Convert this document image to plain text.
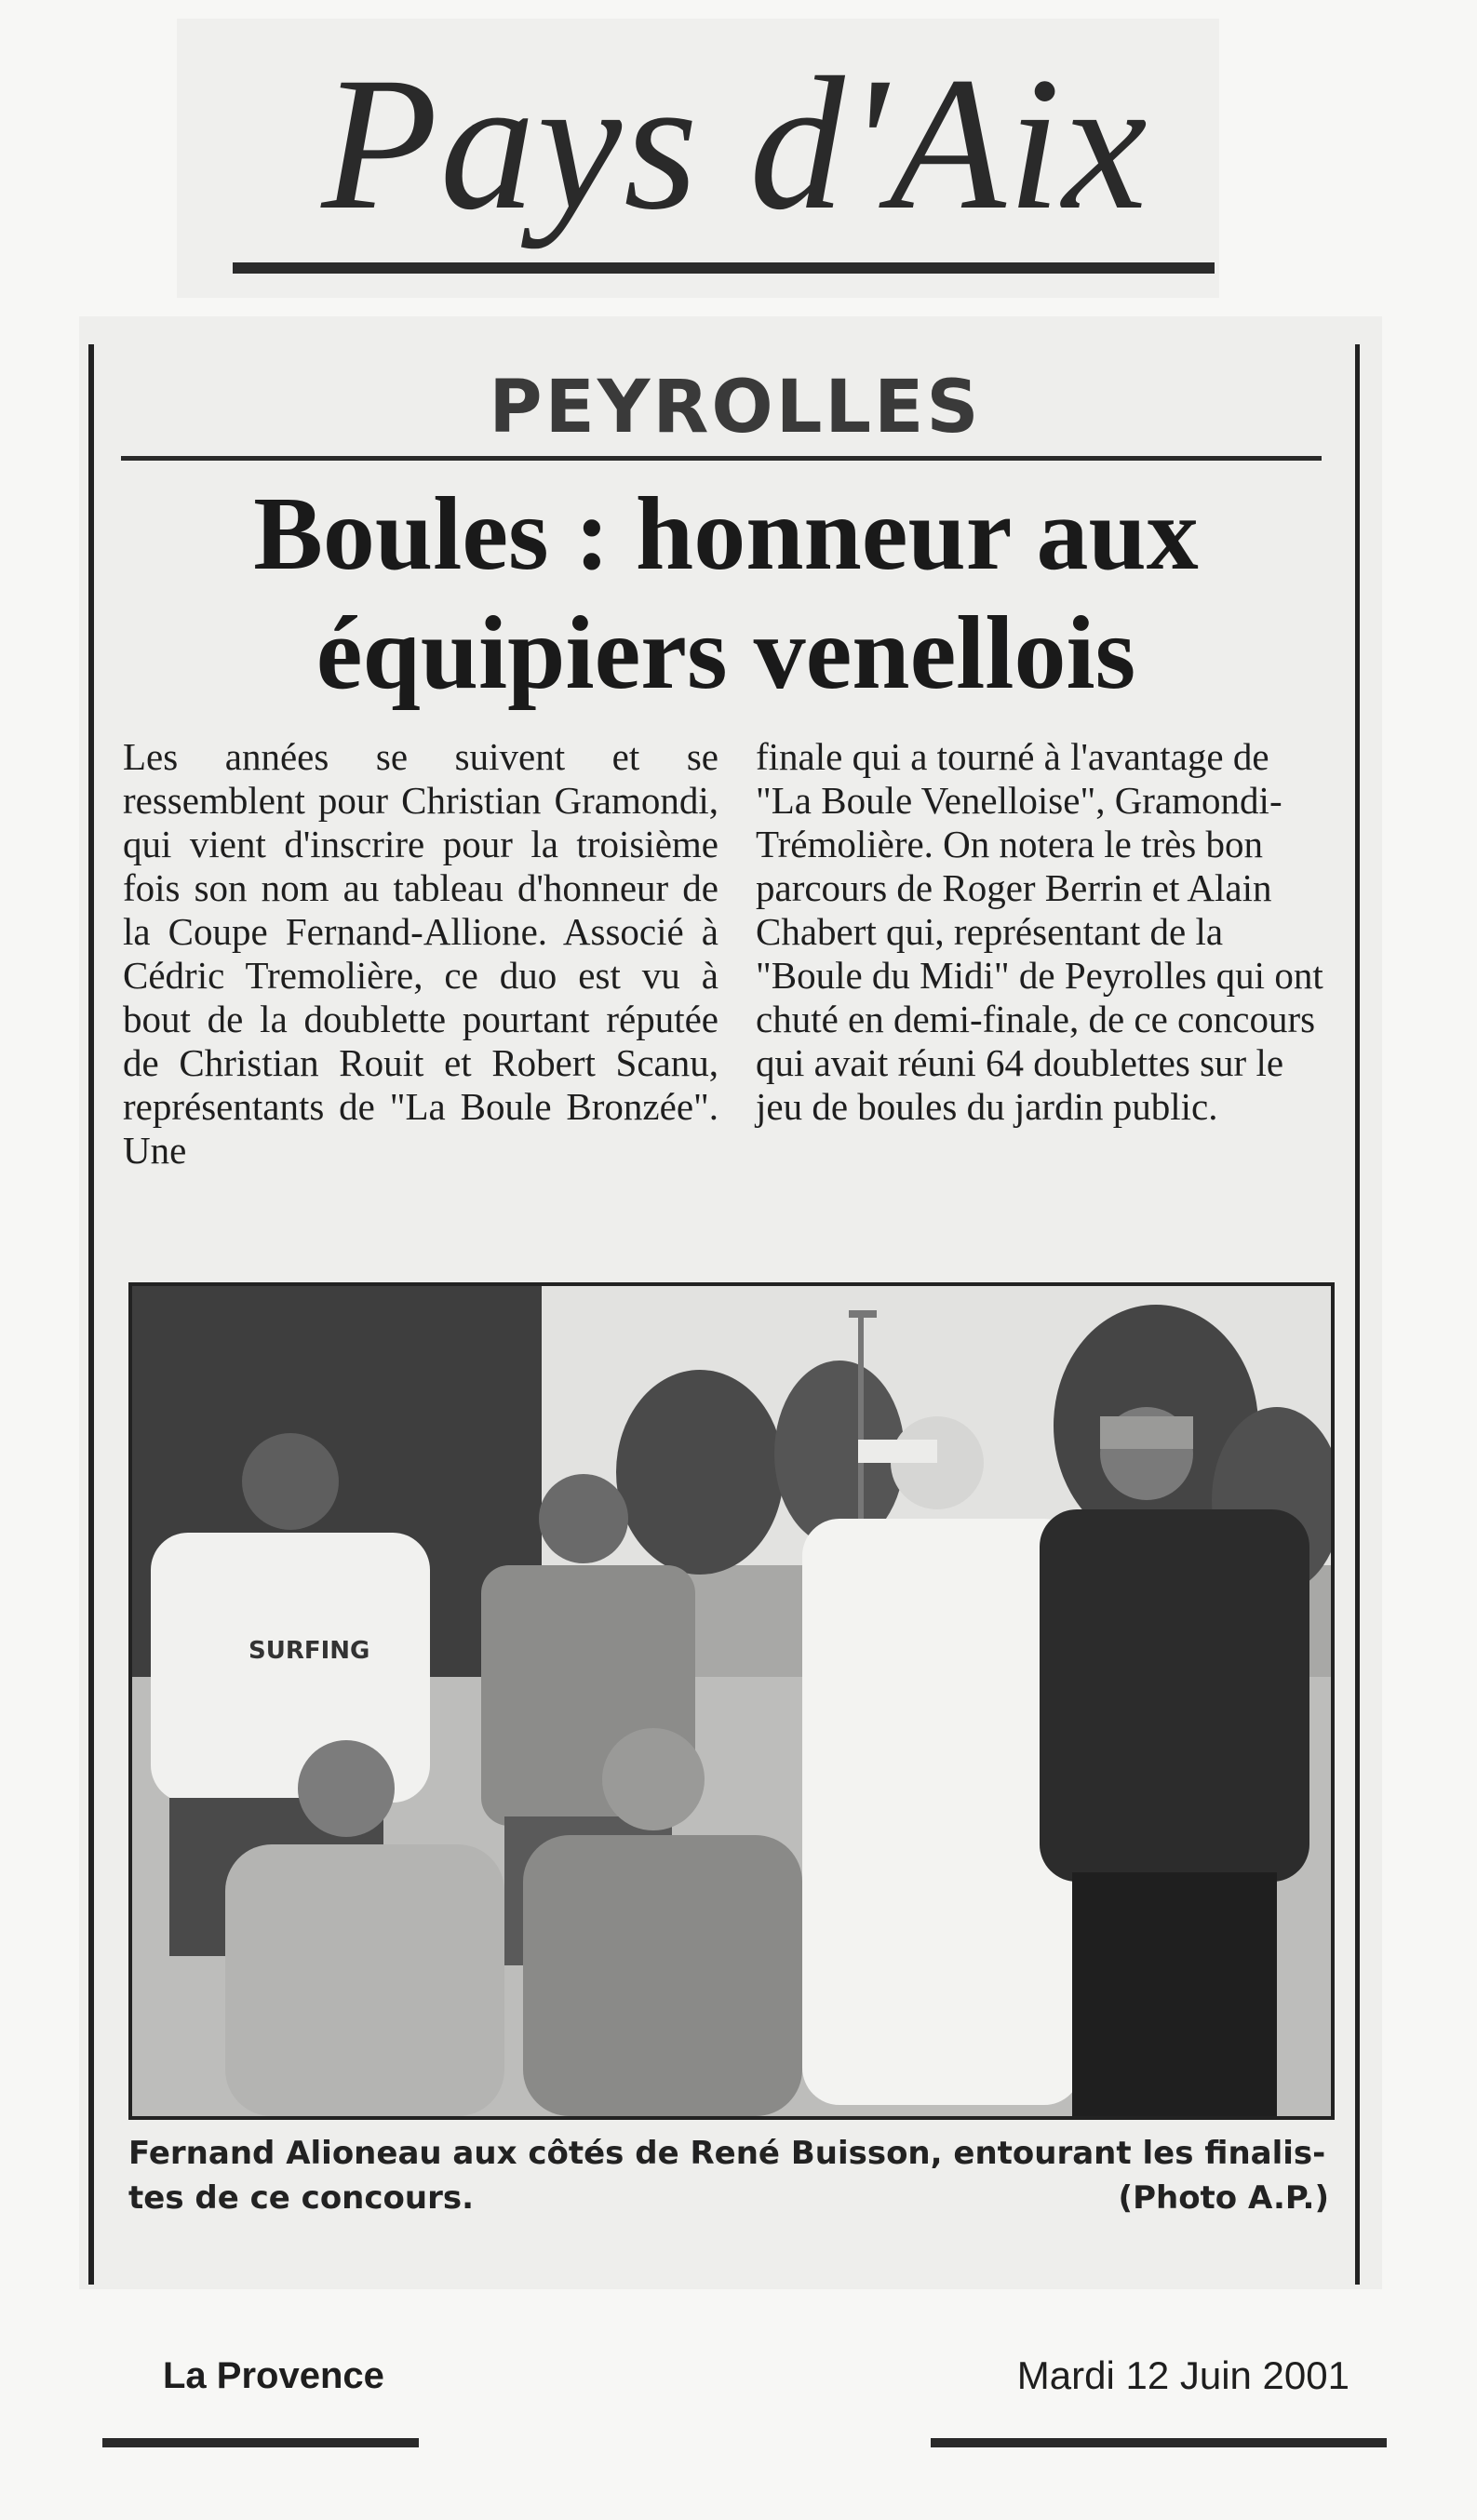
Pays d'Aix
PEYROLLES
Boules : honneur aux
équipiers venellois

Les années se suivent et se ressemblent pour Christian Gramondi, qui vient d'inscrire pour la troisième fois son nom au tableau d'honneur de la Coupe Fernand-Allione. Associé à Cédric Tremolière, ce duo est vu à bout de la doublette pourtant réputée de Christian Rouit et Robert Scanu, représentants de "La Boule Bronzée". Une

finale qui a tourné à l'avantage de "La Boule Venelloise", Gramondi-Trémolière. On notera le très bon parcours de Roger Berrin et Alain Chabert qui, représentant de la "Boule du Midi" de Peyrolles qui ont chuté en demi-finale, de ce concours qui avait réuni 64 doublettes sur le jeu de boules du jardin public.

SURFING
Fernand Alioneau aux côtés de René Buisson, entourant les finalis-
tes de ce concours.	(Photo A.P.)
La Provence	Mardi 12 Juin 2001
